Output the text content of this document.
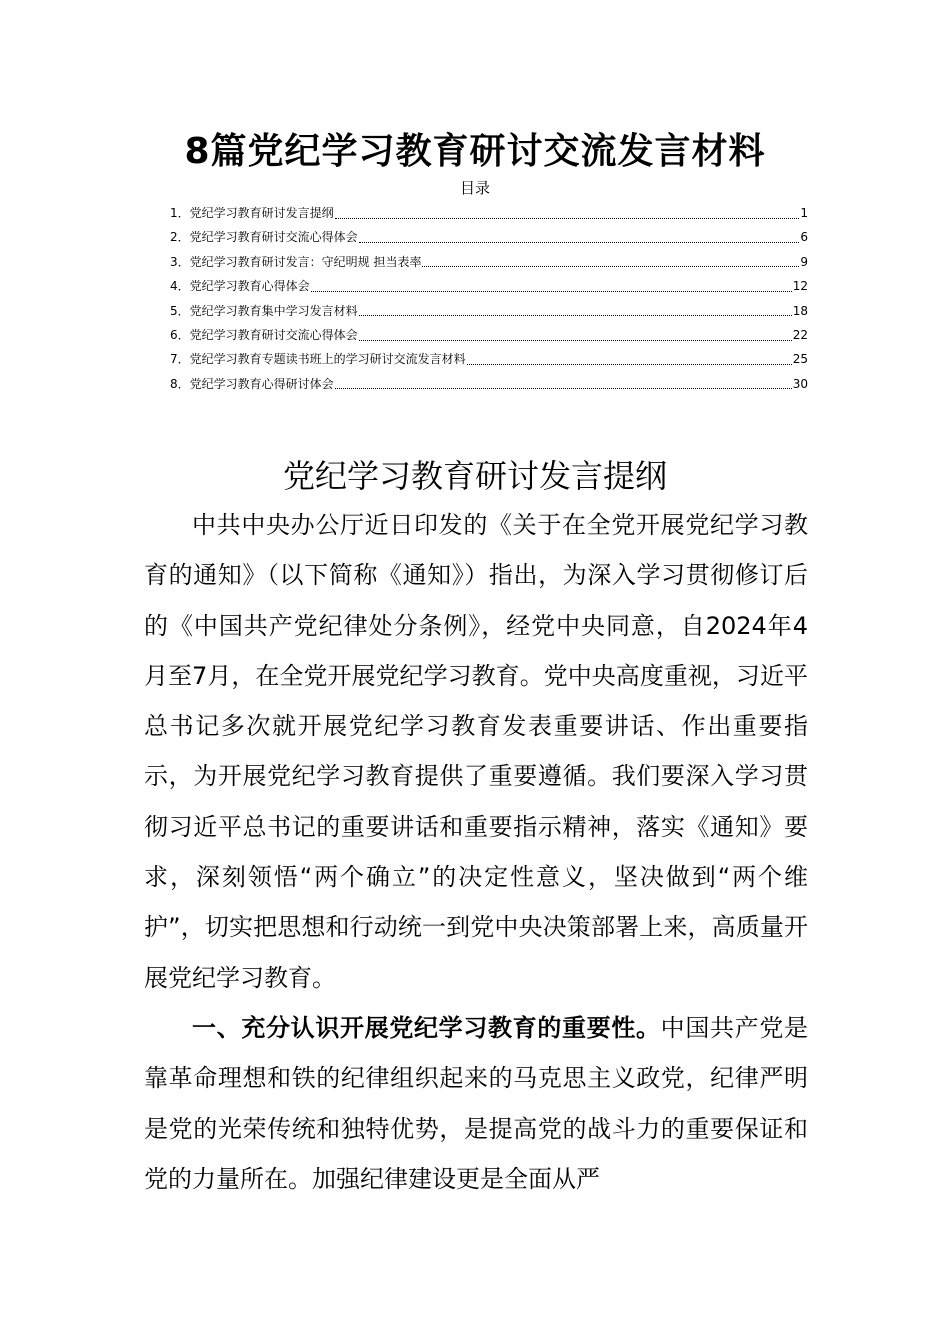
8篇党纪学习教育研讨交流发言材料
目录
1． 党纪学习教育研讨发言提纲	1
2． 党纪学习教育研讨交流心得体会	6
3． 党纪学习教育研讨发言：守纪明规 担当表率	9
4． 党纪学习教育心得体会	12
5． 党纪学习教育集中学习发言材料	18
6． 党纪学习教育研讨交流心得体会	22
7． 党纪学习教育专题读书班上的学习研讨交流发言材料	25
8． 党纪学习教育心得研讨体会	30
党纪学习教育研讨发言提纲

中共中央办公厅近日印发的《关于在全党开展党纪学习教育的通知》（以下简称《通知》）指出，为深入学习贯彻修订后的《中国共产党纪律处分条例》，经党中央同意，自2024年4月至7月，在全党开展党纪学习教育。党中央高度重视，习近平总书记多次就开展党纪学习教育发表重要讲话、作出重要指示，为开展党纪学习教育提供了重要遵循。我们要深入学习贯彻习近平总书记的重要讲话和重要指示精神，落实《通知》要求，深刻领悟“两个确立”的决定性意义，坚决做到“两个维护”，切实把思想和行动统一到党中央决策部署上来，高质量开展党纪学习教育。

一、充分认识开展党纪学习教育的重要性。中国共产党是靠革命理想和铁的纪律组织起来的马克思主义政党，纪律严明是党的光荣传统和独特优势，是提高党的战斗力的重要保证和党的力量所在。加强纪律建设更是全面从严
